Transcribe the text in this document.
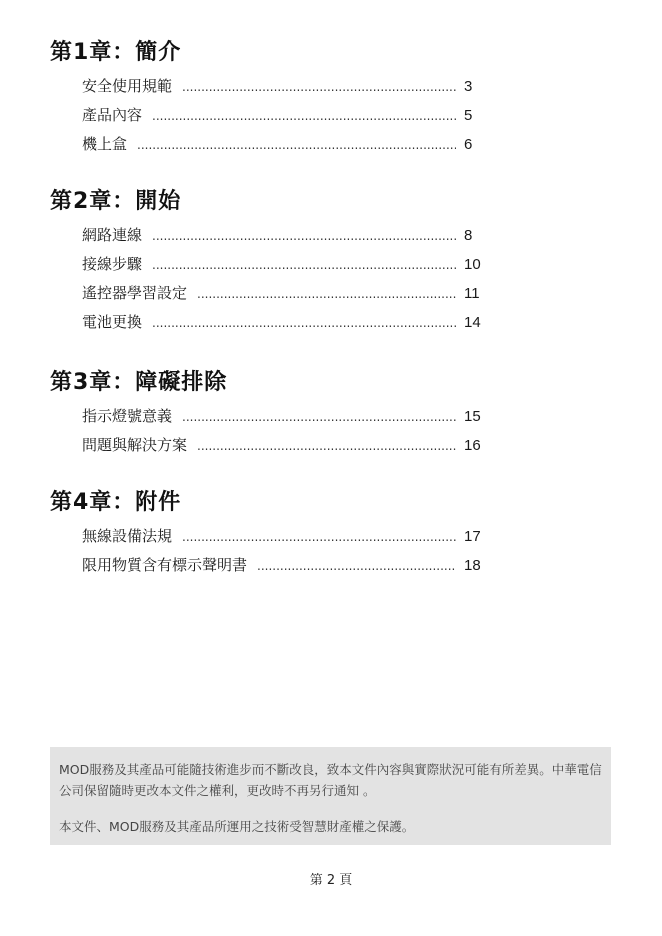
第1章：簡介
安全使用規範 .....	3
產品內容 .....	5
機上盒 .....	6
第2章：開始
網路連線 .....	8
接線步驟 .....	10
遙控器學習設定 .....	11
電池更換 .....	14
第3章：障礙排除
指示燈號意義 .....	15
問題與解決方案 .....	16
第4章：附件
無線設備法規 .....	17
限用物質含有標示聲明書 .....	18

MOD服務及其產品可能隨技術進步而不斷改良，致本文件內容與實際狀況可能有所差異。中華電信公司保留隨時更改本文件之權利，更改時不再另行通知 。

本文件、MOD服務及其產品所運用之技術受智慧財產權之保護。

第 2 頁
